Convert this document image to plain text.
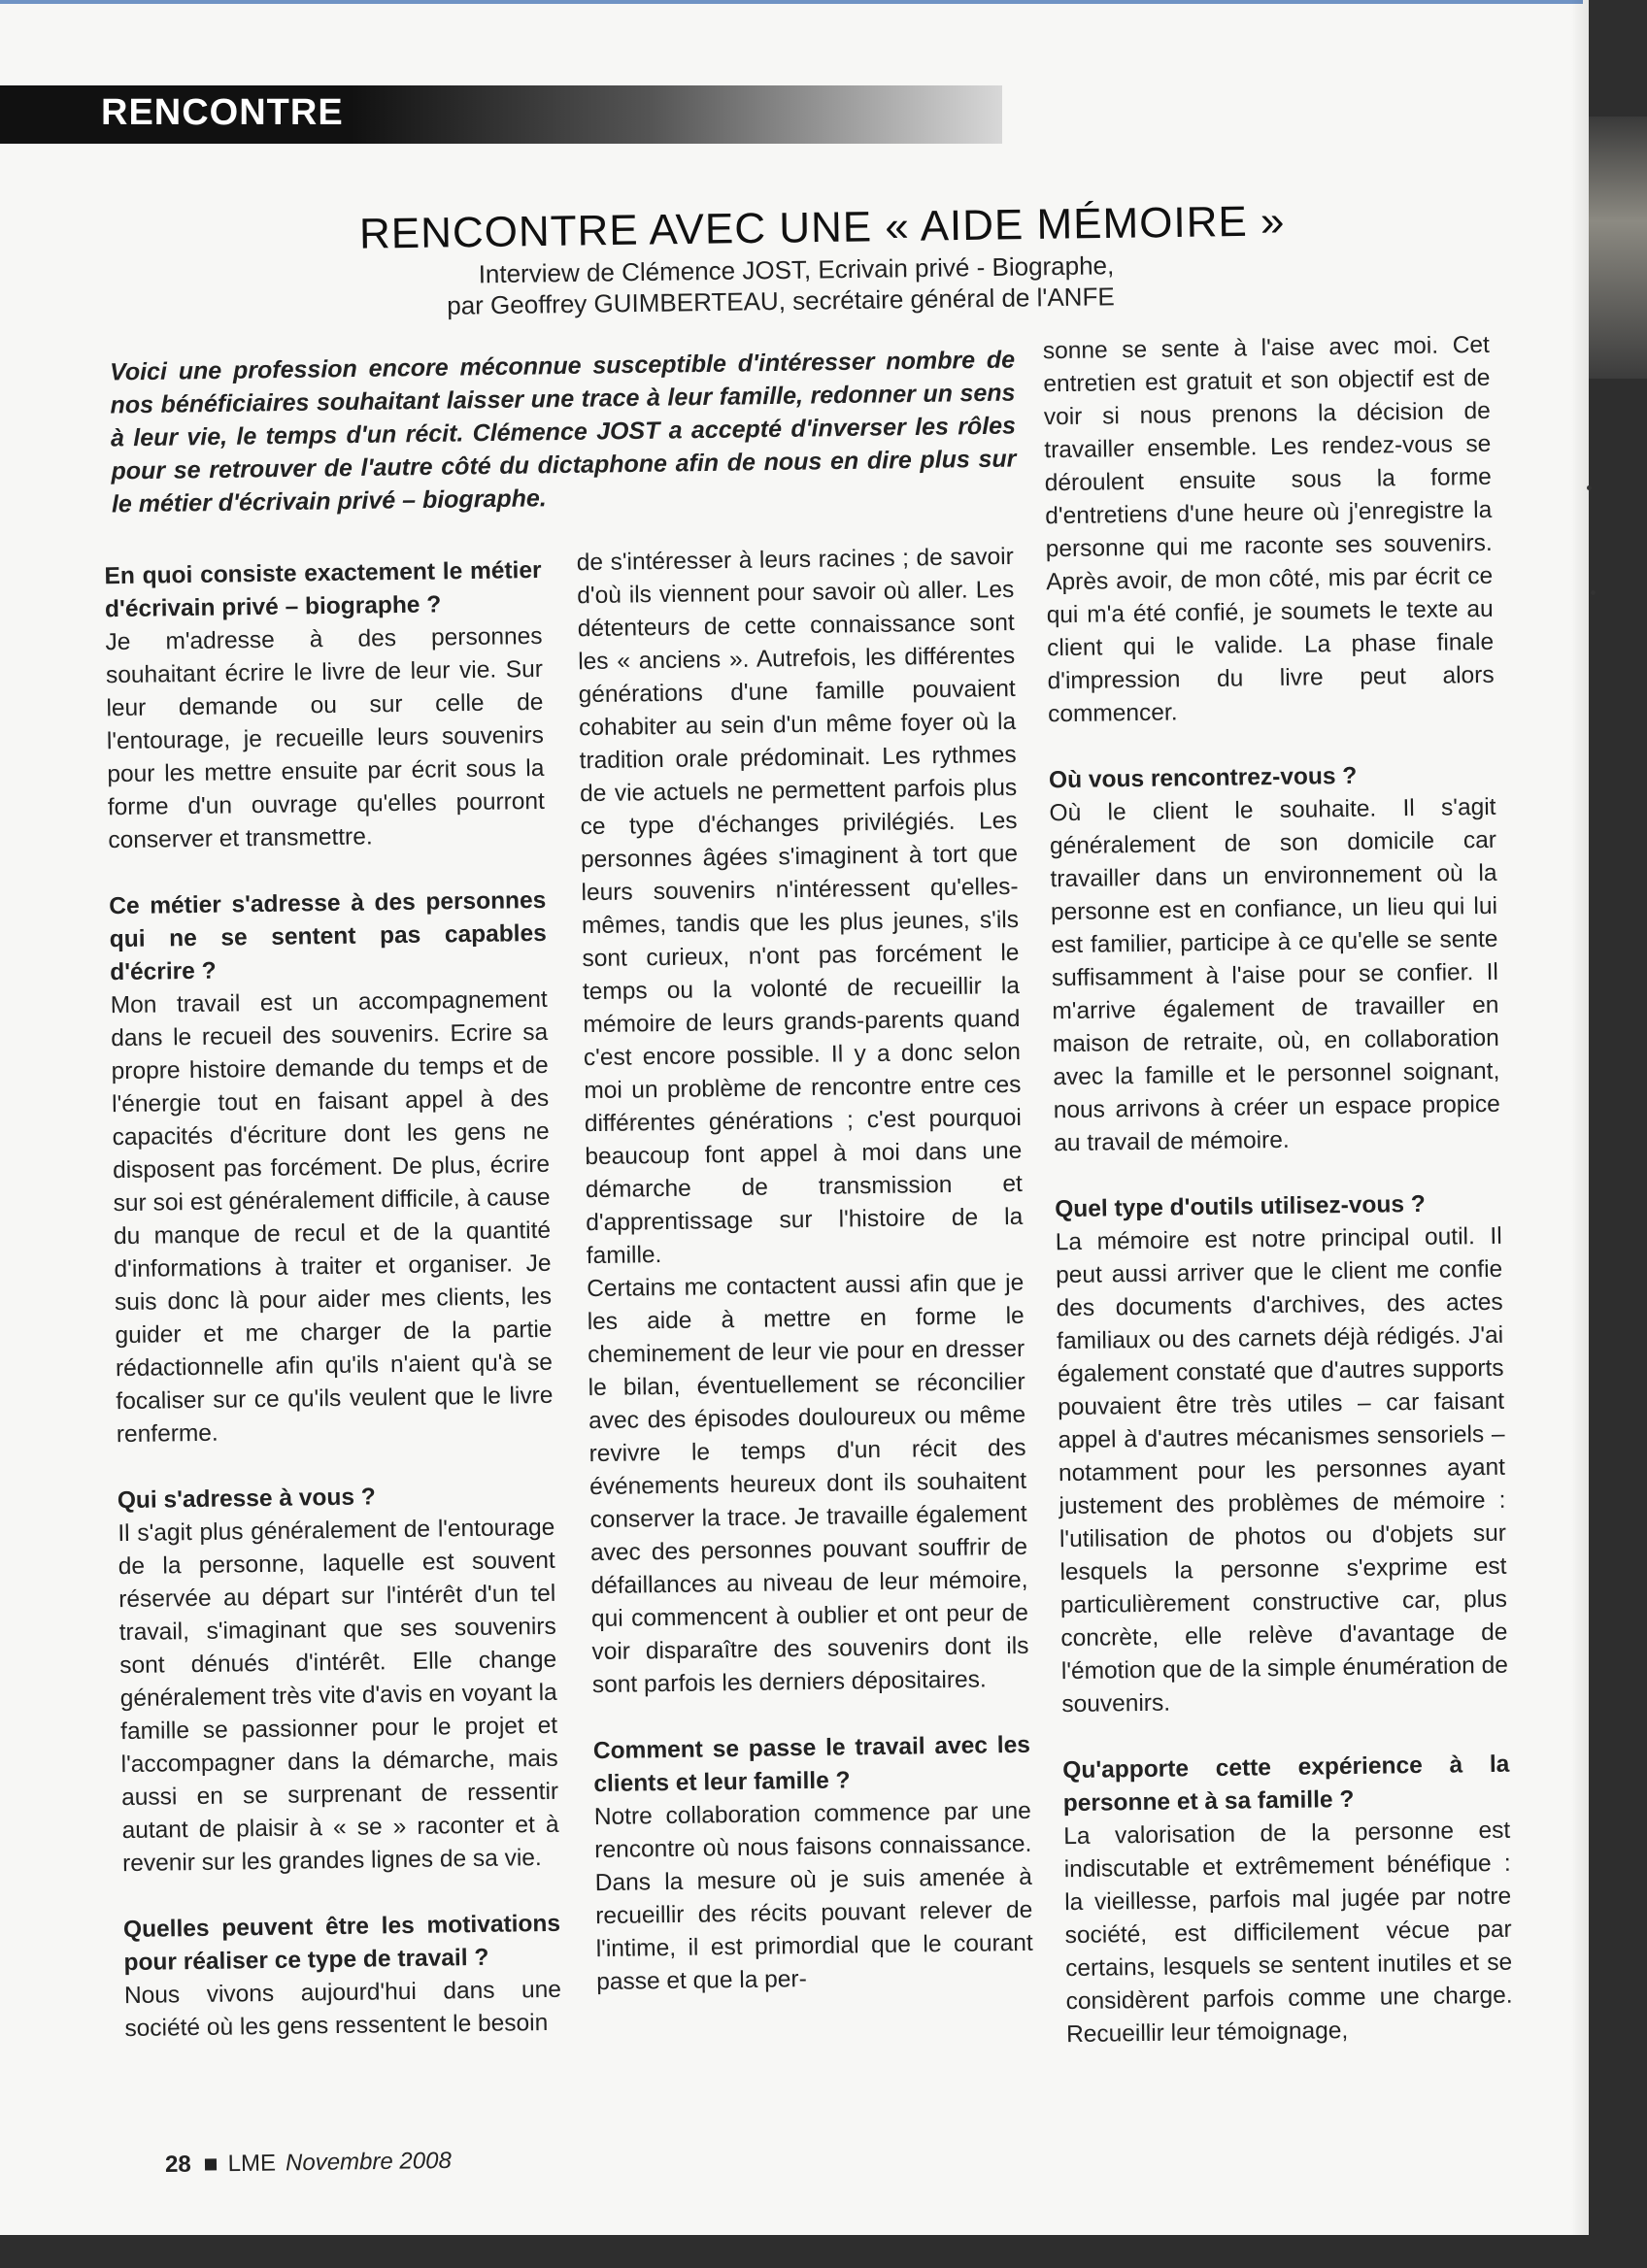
RENCONTRE
RENCONTRE AVEC UNE « AIDE MÉMOIRE »
Interview de Clémence JOST, Ecrivain privé - Biographe,
par Geoffrey GUIMBERTEAU, secrétaire général de l'ANFE
Voici une profession encore méconnue susceptible d'intéresser nombre de nos bénéficiaires souhaitant laisser une trace à leur famille, redonner un sens à leur vie, le temps d'un récit. Clémence JOST a accepté d'inverser les rôles pour se retrouver de l'autre côté du dictaphone afin de nous en dire plus sur le métier d'écrivain privé – biographe.
En quoi consiste exactement le métier d'écrivain privé – biographe ?
Je m'adresse à des personnes souhaitant écrire le livre de leur vie. Sur leur demande ou sur celle de l'entourage, je recueille leurs souvenirs pour les mettre ensuite par écrit sous la forme d'un ouvrage qu'elles pourront conserver et transmettre.
Ce métier s'adresse à des personnes qui ne se sentent pas capables d'écrire ?
Mon travail est un accompagnement dans le recueil des souvenirs. Ecrire sa propre histoire demande du temps et de l'énergie tout en faisant appel à des capacités d'écriture dont les gens ne disposent pas forcément. De plus, écrire sur soi est généralement difficile, à cause du manque de recul et de la quantité d'informations à traiter et organiser. Je suis donc là pour aider mes clients, les guider et me charger de la partie rédactionnelle afin qu'ils n'aient qu'à se focaliser sur ce qu'ils veulent que le livre renferme.
Qui s'adresse à vous ?
Il s'agit plus généralement de l'entourage de la personne, laquelle est souvent réservée au départ sur l'intérêt d'un tel travail, s'imaginant que ses souvenirs sont dénués d'intérêt. Elle change généralement très vite d'avis en voyant la famille se passionner pour le projet et l'accompagner dans la démarche, mais aussi en se surprenant de ressentir autant de plaisir à « se » raconter et à revenir sur les grandes lignes de sa vie.
Quelles peuvent être les motivations pour réaliser ce type de travail ?
Nous vivons aujourd'hui dans une société où les gens ressentent le besoin
de s'intéresser à leurs racines ; de savoir d'où ils viennent pour savoir où aller. Les détenteurs de cette connaissance sont les « anciens ». Autrefois, les différentes générations d'une famille pouvaient cohabiter au sein d'un même foyer où la tradition orale prédominait. Les rythmes de vie actuels ne permettent parfois plus ce type d'échanges privilégiés. Les personnes âgées s'imaginent à tort que leurs souvenirs n'intéressent qu'elles-mêmes, tandis que les plus jeunes, s'ils sont curieux, n'ont pas forcément le temps ou la volonté de recueillir la mémoire de leurs grands-parents quand c'est encore possible. Il y a donc selon moi un problème de rencontre entre ces différentes générations ; c'est pourquoi beaucoup font appel à moi dans une démarche de transmission et d'apprentissage sur l'histoire de la famille.
Certains me contactent aussi afin que je les aide à mettre en forme le cheminement de leur vie pour en dresser le bilan, éventuellement se réconcilier avec des épisodes douloureux ou même revivre le temps d'un récit des événements heureux dont ils souhaitent conserver la trace. Je travaille également avec des personnes pouvant souffrir de défaillances au niveau de leur mémoire, qui commencent à oublier et ont peur de voir disparaître des souvenirs dont ils sont parfois les derniers dépositaires.
Comment se passe le travail avec les clients et leur famille ?
Notre collaboration commence par une rencontre où nous faisons connaissance. Dans la mesure où je suis amenée à recueillir des récits pouvant relever de l'intime, il est primordial que le courant passe et que la per-
sonne se sente à l'aise avec moi. Cet entretien est gratuit et son objectif est de voir si nous prenons la décision de travailler ensemble. Les rendez-vous se déroulent ensuite sous la forme d'entretiens d'une heure où j'enregistre la personne qui me raconte ses souvenirs. Après avoir, de mon côté, mis par écrit ce qui m'a été confié, je soumets le texte au client qui le valide. La phase finale d'impression du livre peut alors commencer.
Où vous rencontrez-vous ?
Où le client le souhaite. Il s'agit généralement de son domicile car travailler dans un environnement où la personne est en confiance, un lieu qui lui est familier, participe à ce qu'elle se sente suffisamment à l'aise pour se confier. Il m'arrive également de travailler en maison de retraite, où, en collaboration avec la famille et le personnel soignant, nous arrivons à créer un espace propice au travail de mémoire.
Quel type d'outils utilisez-vous ?
La mémoire est notre principal outil. Il peut aussi arriver que le client me confie des documents d'archives, des actes familiaux ou des carnets déjà rédigés. J'ai également constaté que d'autres supports pouvaient être très utiles – car faisant appel à d'autres mécanismes sensoriels – notamment pour les personnes ayant justement des problèmes de mémoire : l'utilisation de photos ou d'objets sur lesquels la personne s'exprime est particulièrement constructive car, plus concrète, elle relève d'avantage de l'émotion que de la simple énumération de souvenirs.
Qu'apporte cette expérience à la personne et à sa famille ?
La valorisation de la personne est indiscutable et extrêmement bénéfique : la vieillesse, parfois mal jugée par notre société, est difficilement vécue par certains, lesquels se sentent inutiles et se considèrent parfois comme une charge. Recueillir leur témoignage,
28 LME Novembre 2008
